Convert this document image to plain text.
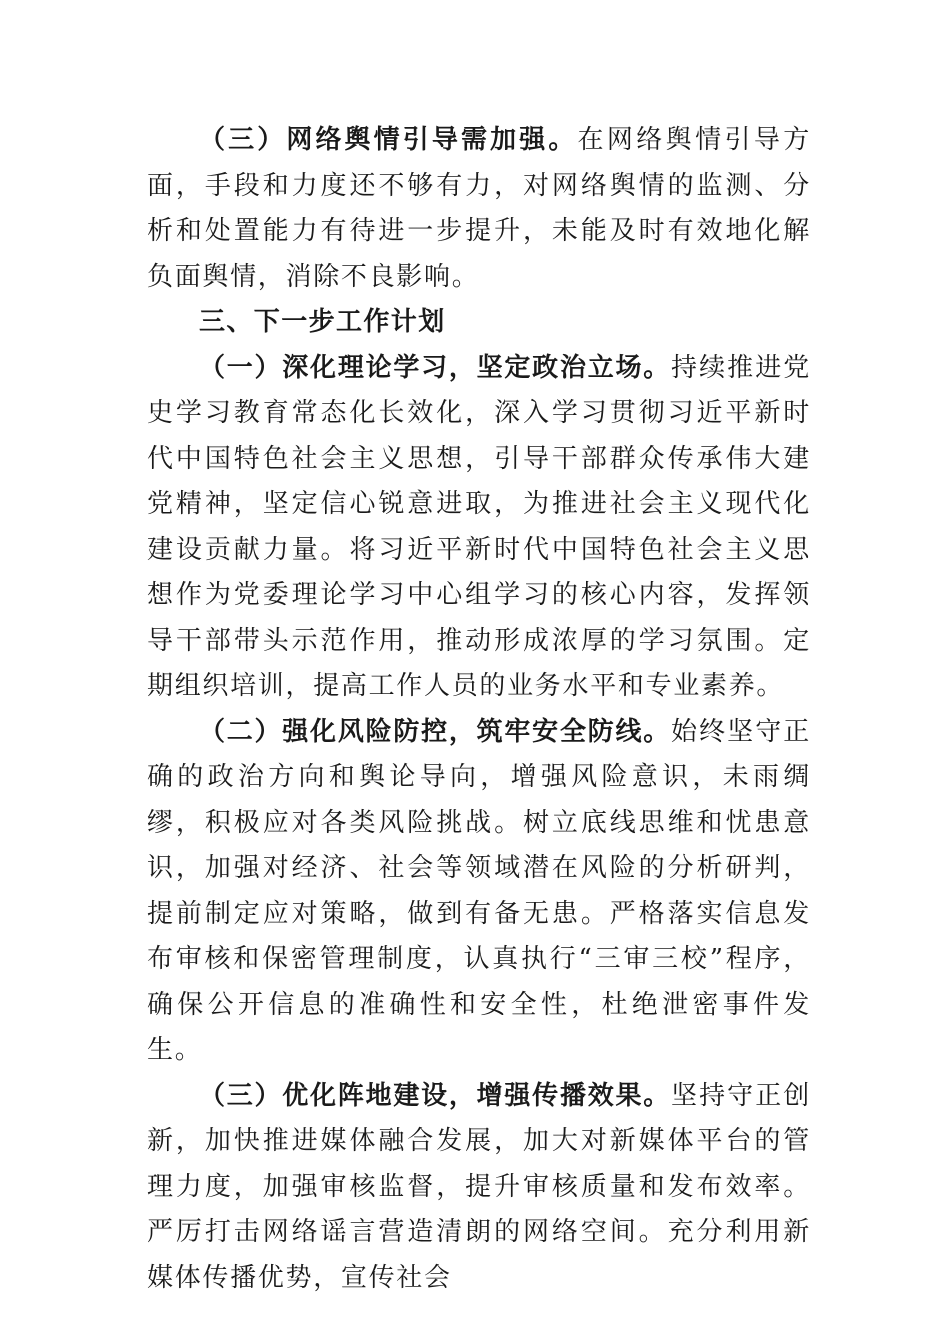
（三）网络舆情引导需加强。在网络舆情引导方面，手段和力度还不够有力，对网络舆情的监测、分析和处置能力有待进一步提升，未能及时有效地化解负面舆情，消除不良影响。

三、下一步工作计划

（一）深化理论学习，坚定政治立场。持续推进党史学习教育常态化长效化，深入学习贯彻习近平新时代中国特色社会主义思想，引导干部群众传承伟大建党精神，坚定信心锐意进取，为推进社会主义现代化建设贡献力量。将习近平新时代中国特色社会主义思想作为党委理论学习中心组学习的核心内容，发挥领导干部带头示范作用，推动形成浓厚的学习氛围。定期组织培训，提高工作人员的业务水平和专业素养。

（二）强化风险防控，筑牢安全防线。始终坚守正确的政治方向和舆论导向，增强风险意识，未雨绸缪，积极应对各类风险挑战。树立底线思维和忧患意识，加强对经济、社会等领域潜在风险的分析研判，提前制定应对策略，做到有备无患。严格落实信息发布审核和保密管理制度，认真执行“三审三校”程序，确保公开信息的准确性和安全性，杜绝泄密事件发生。

（三）优化阵地建设，增强传播效果。坚持守正创新，加快推进媒体融合发展，加大对新媒体平台的管理力度，加强审核监督，提升审核质量和发布效率。严厉打击网络谣言营造清朗的网络空间。充分利用新媒体传播优势，宣传社会
